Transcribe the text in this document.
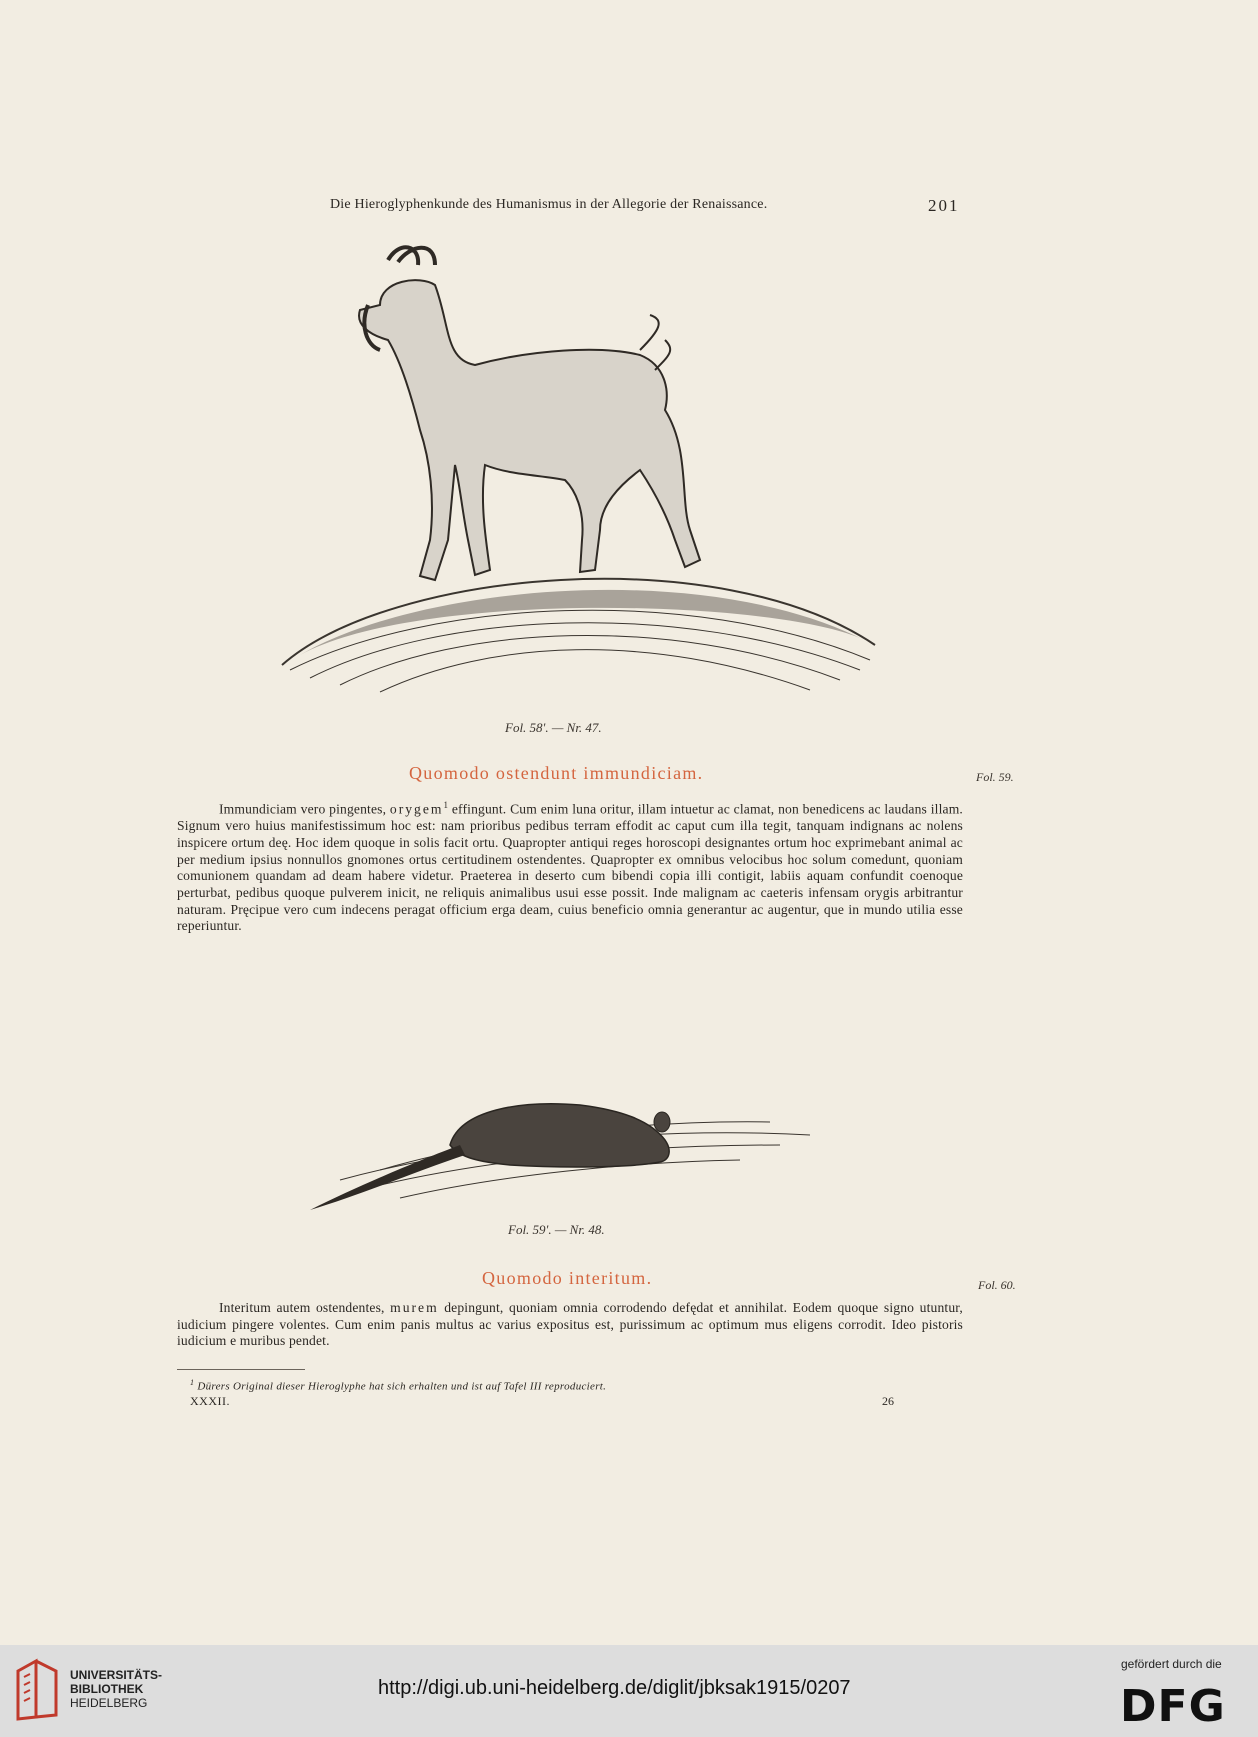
Die Hieroglyphenkunde des Humanismus in der Allegorie der Renaissance.	201
Fol. 58'. — Nr. 47.
Quomodo ostendunt immundiciam.	Fol. 59.

Immundiciam vero pingentes, orygem$^1$ effingunt. Cum enim luna oritur, illam intuetur ac clamat, non benedicens ac laudans illam. Signum vero huius manifestissimum hoc est: nam prioribus pedibus terram effodit ac caput cum illa tegit, tanquam indignans ac nolens inspicere ortum deę. Hoc idem quoque in solis facit ortu. Quapropter antiqui reges horoscopi designantes ortum hoc exprimebant animal ac per medium ipsius nonnullos gnomones ortus certitudinem ostendentes. Quapropter ex omnibus velocibus hoc solum comedunt, quoniam comunionem quandam ad deam habere videtur. Praeterea in deserto cum bibendi copia illi contigit, labiis aquam confundit coenoque perturbat, pedibus quoque pulverem inicit, ne reliquis animalibus usui esse possit. Inde malignam ac caeteris infensam orygis arbitrantur naturam. Pręcipue vero cum indecens peragat officium erga deam, cuius beneficio omnia generantur ac augentur, que in mundo utilia esse reperiuntur.

Fol. 59'. — Nr. 48.
Quomodo interitum.	Fol. 60.

Interitum autem ostendentes, murem depingunt, quoniam omnia corrodendo defędat et annihilat. Eodem quoque signo utuntur, iudicium pingere volentes. Cum enim panis multus ac varius expositus est, purissimum ac optimum mus eligens corrodit. Ideo pistoris iudicium e muribus pendet.

$^1$ Dürers Original dieser Hieroglyphe hat sich erhalten und ist auf Tafel III reproduciert.
XXXII.	26
UNIVERSITÄTS-
BIBLIOTHEK
HEIDELBERG
http://digi.ub.uni-heidelberg.de/diglit/jbksak1915/0207
gefördert durch die
DFG
